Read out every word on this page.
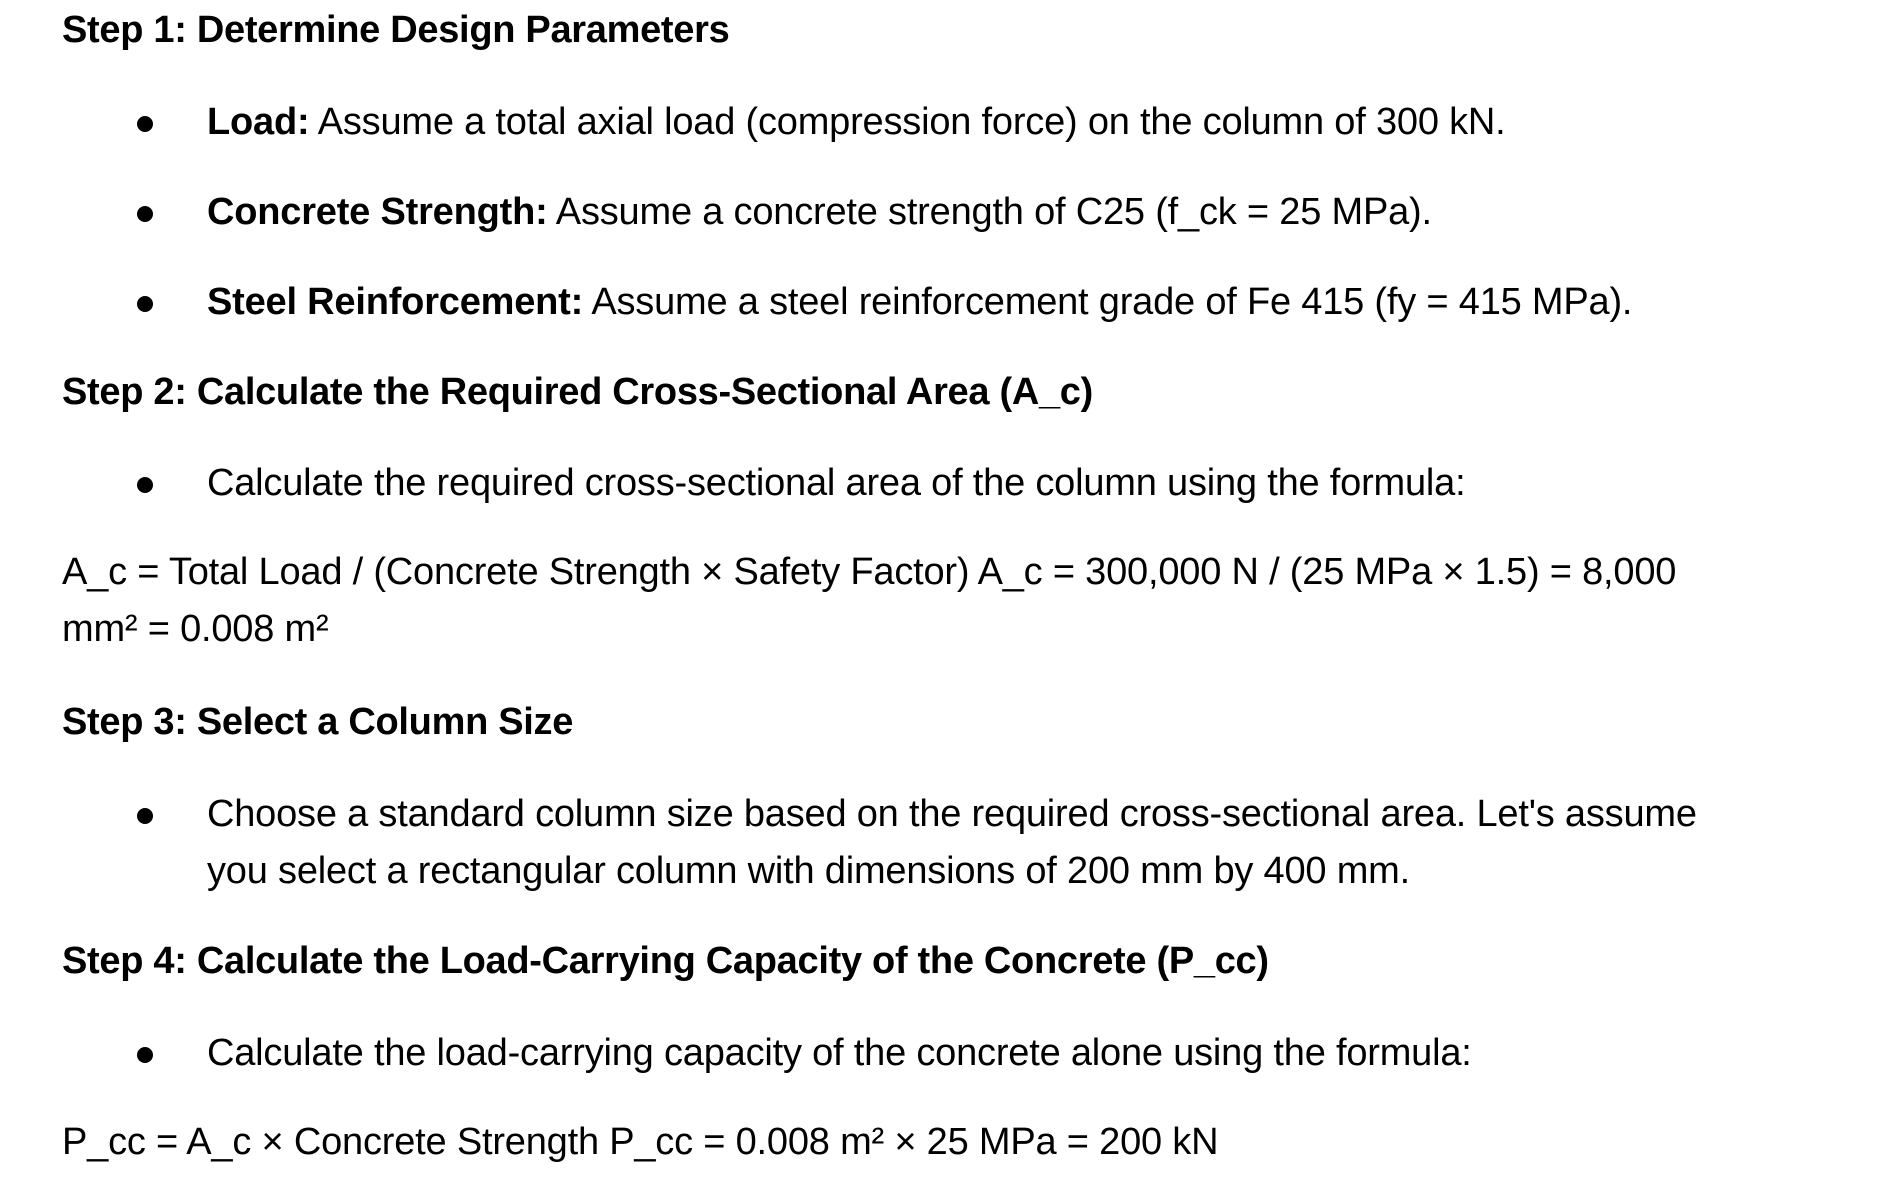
Step 1: Determine Design Parameters

Load: Assume a total axial load (compression force) on the column of 300 kN.

Concrete Strength: Assume a concrete strength of C25 (f_ck = 25 MPa).

Steel Reinforcement: Assume a steel reinforcement grade of Fe 415 (fy = 415 MPa).

Step 2: Calculate the Required Cross-Sectional Area (A_c)

Calculate the required cross-sectional area of the column using the formula:

A_c = Total Load / (Concrete Strength × Safety Factor) A_c = 300,000 N / (25 MPa × 1.5) = 8,000 mm² = 0.008 m²

Step 3: Select a Column Size

Choose a standard column size based on the required cross-sectional area. Let's assume you select a rectangular column with dimensions of 200 mm by 400 mm.

Step 4: Calculate the Load-Carrying Capacity of the Concrete (P_cc)

Calculate the load-carrying capacity of the concrete alone using the formula:

P_cc = A_c × Concrete Strength P_cc = 0.008 m² × 25 MPa = 200 kN
